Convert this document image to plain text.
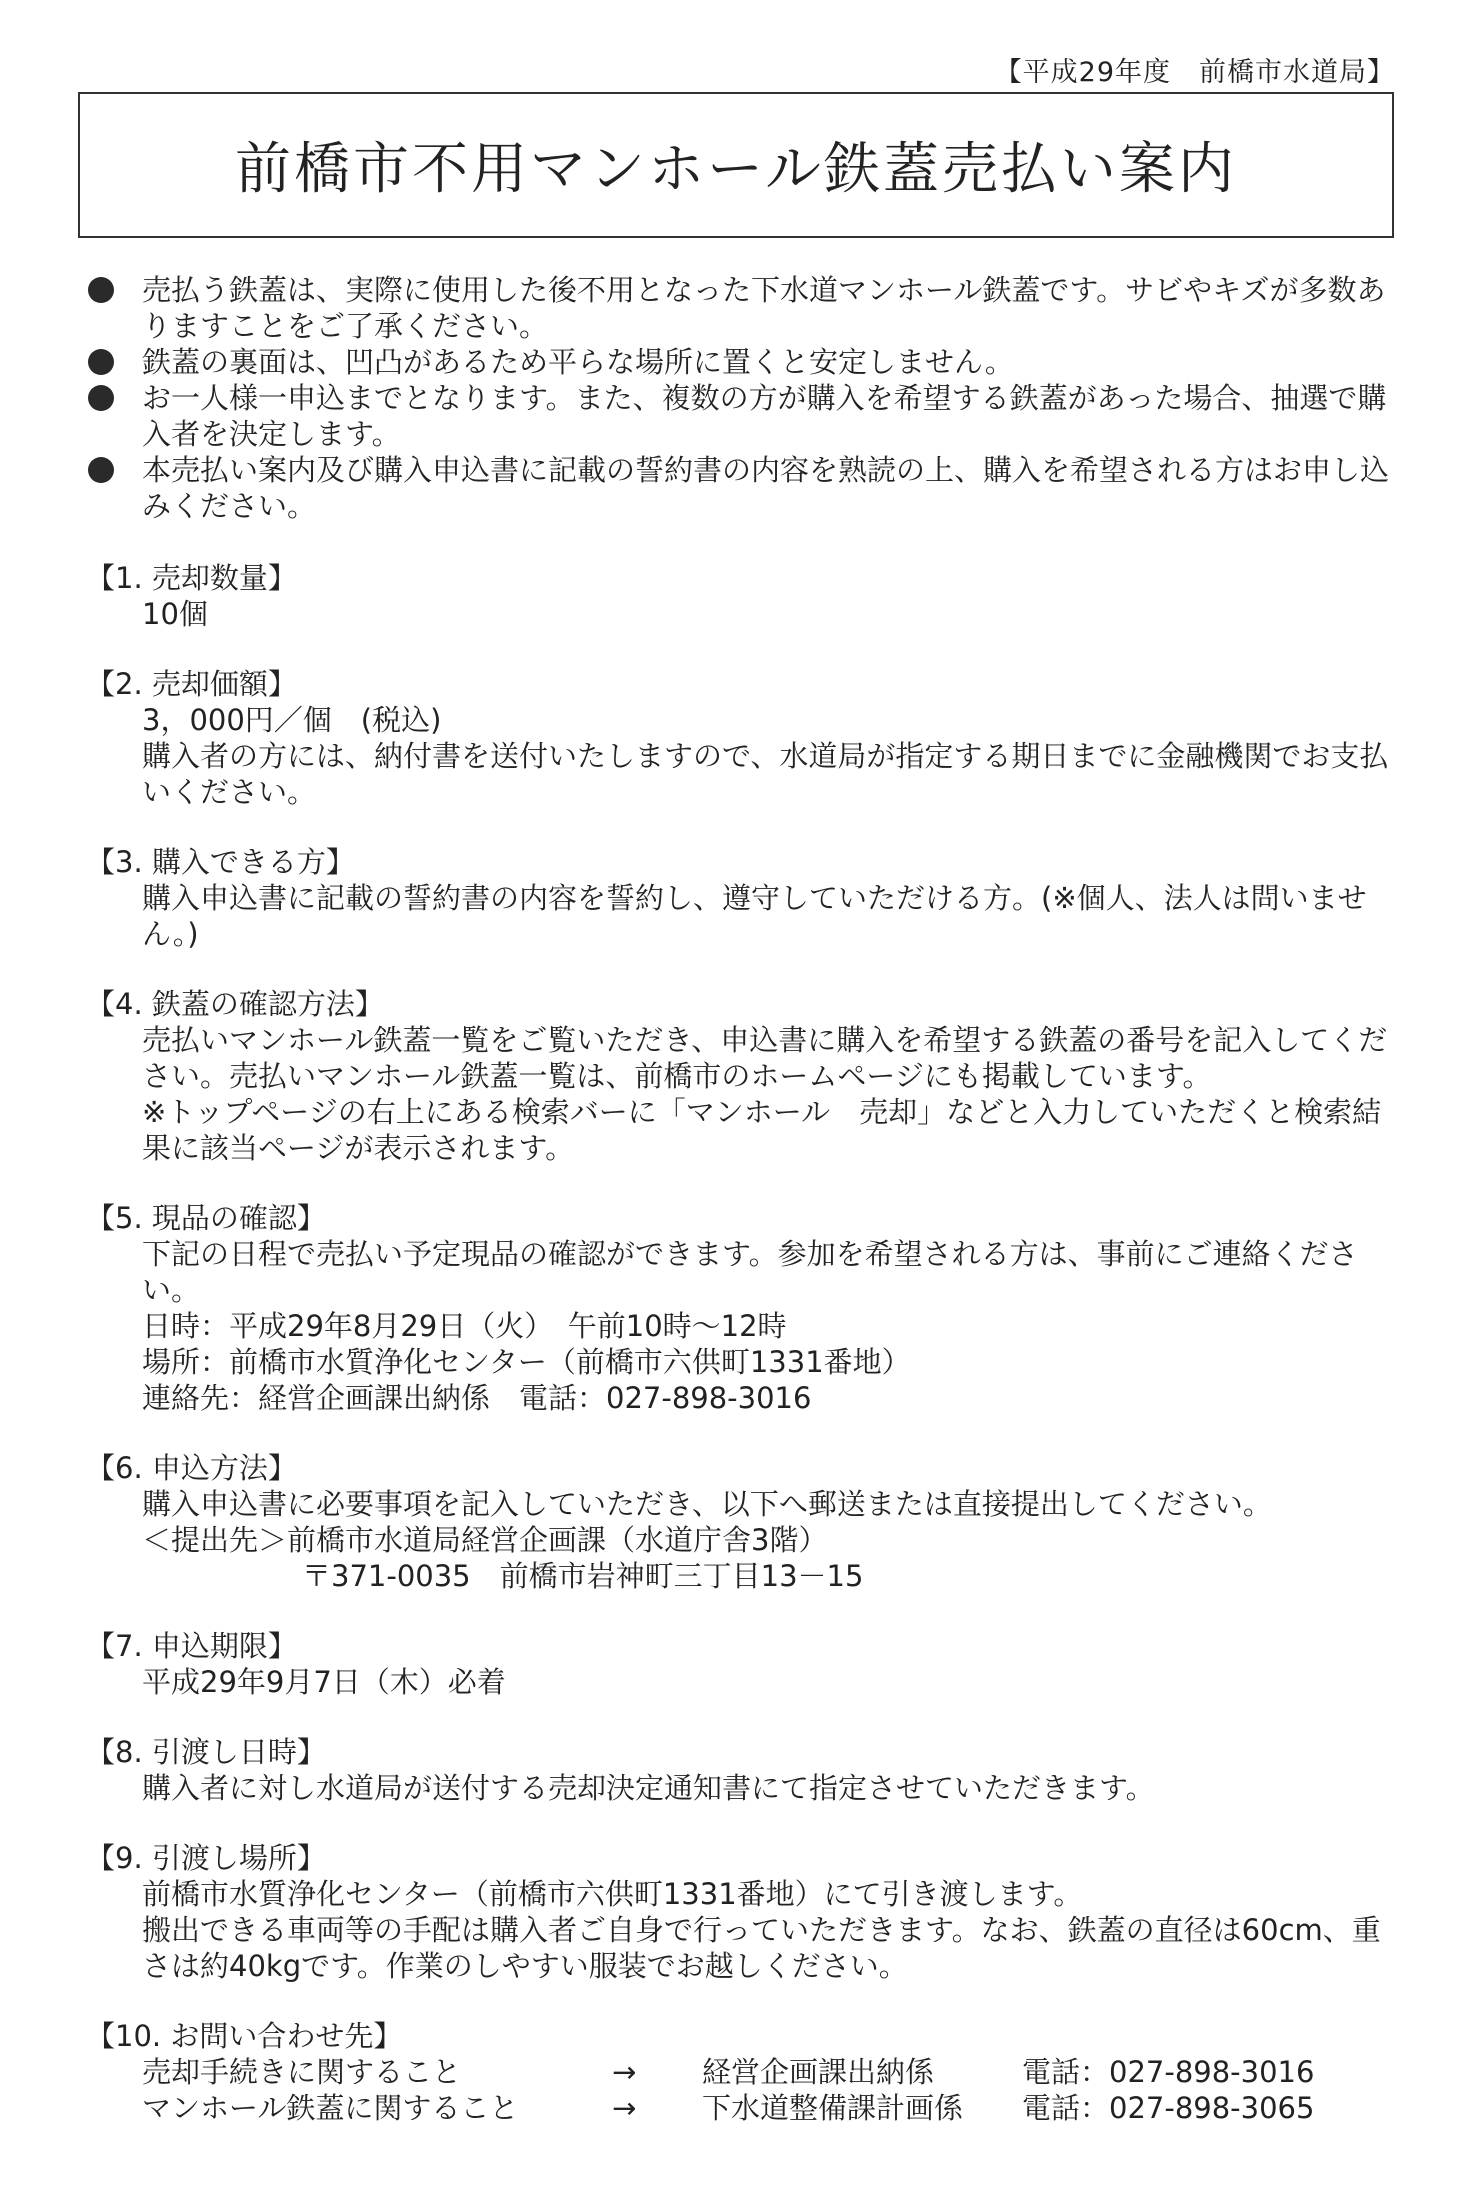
【平成29年度　前橋市水道局】
前橋市不用マンホール鉄蓋売払い案内
売払う鉄蓋は、実際に使用した後不用となった下水道マンホール鉄蓋です。サビやキズが多数ありますことをご了承ください。
鉄蓋の裏面は、凹凸があるため平らな場所に置くと安定しません。
お一人様一申込までとなります。また、複数の方が購入を希望する鉄蓋があった場合、抽選で購入者を決定します。
本売払い案内及び購入申込書に記載の誓約書の内容を熟読の上、購入を希望される方はお申し込みください。
【1. 売却数量】

10個

【2. 売却価額】

3，000円／個　(税込)

購入者の方には、納付書を送付いたしますので、水道局が指定する期日までに金融機関でお支払いください。

【3. 購入できる方】

購入申込書に記載の誓約書の内容を誓約し、遵守していただける方。(※個人、法人は問いません。)

【4. 鉄蓋の確認方法】

売払いマンホール鉄蓋一覧をご覧いただき、申込書に購入を希望する鉄蓋の番号を記入してください。売払いマンホール鉄蓋一覧は、前橋市のホームページにも掲載しています。

※トップページの右上にある検索バーに「マンホール　売却」などと入力していただくと検索結果に該当ページが表示されます。

【5. 現品の確認】

下記の日程で売払い予定現品の確認ができます。参加を希望される方は、事前にご連絡ください。

日時：平成29年8月29日（火）　午前10時～12時

場所：前橋市水質浄化センター（前橋市六供町1331番地）

連絡先：経営企画課出納係　電話：027-898-3016

【6. 申込方法】

購入申込書に必要事項を記入していただき、以下へ郵送または直接提出してください。

＜提出先＞前橋市水道局経営企画課（水道庁舎3階）

〒371-0035　前橋市岩神町三丁目13－15

【7. 申込期限】

平成29年9月7日（木）必着

【8. 引渡し日時】

購入者に対し水道局が送付する売却決定通知書にて指定させていただきます。

【9. 引渡し場所】

前橋市水質浄化センター（前橋市六供町1331番地）にて引き渡します。

搬出できる車両等の手配は購入者ご自身で行っていただきます。なお、鉄蓋の直径は60cm、重さは約40kgです。作業のしやすい服装でお越しください。

【10. お問い合わせ先】
売却手続きに関すること	→	経営企画課出納係	電話：027-898-3016
マンホール鉄蓋に関すること	→	下水道整備課計画係	電話：027-898-3065
